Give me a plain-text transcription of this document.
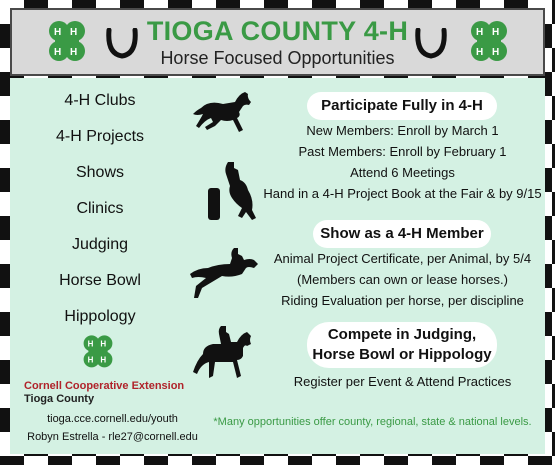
H H
H H
TIOGA COUNTY 4-H
Horse Focused Opportunities
H H
H H
4-H Clubs
4-H Projects
Shows
Clinics
Judging
Horse Bowl
Hippology
H H
H H
Participate Fully in 4-H
New Members: Enroll by March 1
Past Members: Enroll by February 1
Attend 6 Meetings
Hand in a 4-H Project Book at the Fair & by 9/15
Show as a 4-H Member
Animal Project Certificate, per Animal, by 5/4
(Members can own or lease horses.)
Riding Evaluation per horse, per discipline
Compete in Judging,
Horse Bowl or Hippology
Register per Event & Attend Practices
Cornell Cooperative Extension
Tioga County
tioga.cce.cornell.edu/youth
Robyn Estrella - rle27@cornell.edu
*Many opportunities offer county, regional, state & national levels.
